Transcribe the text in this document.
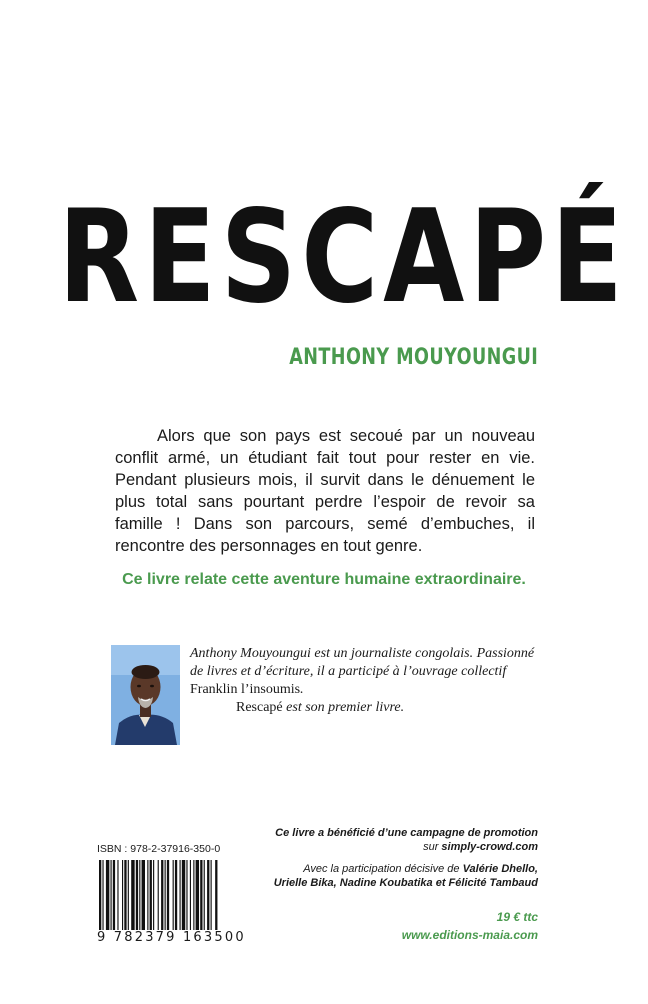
RESCAPÉ
ANTHONY MOUYOUNGUI

Alors que son pays est secoué par un nouveau conflit armé, un étudiant fait tout pour rester en vie. Pendant plusieurs mois, il survit dans le dénuement le plus total sans pourtant perdre l’espoir de revoir sa famille ! Dans son parcours, semé d’embuches, il rencontre des personnages en tout genre.

Ce livre relate cette aventure humaine extraordinaire.

Anthony Mouyoungui est un journaliste congolais. Passionné de livres et d’écriture, il a participé à l’ouvrage collectif Franklin l’insoumis.
Rescapé est son premier livre.

ISBN : 978-2-37916-350-0
9 782379 163500
Ce livre a bénéficié d’une campagne de promotion
sur simply-crowd.com
Avec la participation décisive de Valérie Dhello,
Urielle Bika, Nadine Koubatika et Félicité Tambaud
19 € ttc
www.editions-maia.com
